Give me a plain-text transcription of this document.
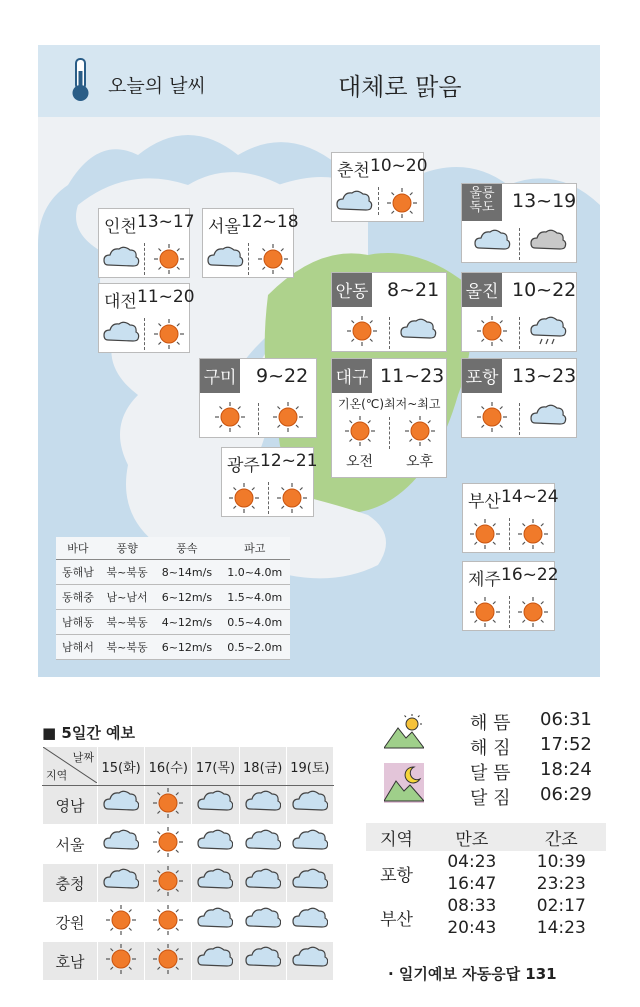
오늘의 날씨	대체로 맑음
춘천 10~20
인천 13~17 서울 12~18
대전 11~20
울릉
독도 13~19
안동 8~21 울진 10~22
구미 9~22 대구 11~23
기온(℃)최저~최고
오전 오후
포항 13~23
광주 12~21
부산 14~24
제주 16~22
바다	풍향	풍속	파고
동해남	북~북동	8~14m/s	1.0~4.0m
동해중	남~남서	6~12m/s	1.5~4.0m
남해동	북~북동	4~12m/s	0.5~4.0m
남해서	북~북동	6~12m/s	0.5~2.0m
■ 5일간 예보
날짜
지역	15(화)	16(수)	17(목)	18(금)	19(토)
영남					
서울					
충청					
강원					
호남					
해 뜸 06:31
해 짐 17:52
달 뜸 18:24
달 짐 06:29
지역	만조	간조
포항	04:23	10:39
	16:47	23:23
부산	08:33	02:17
	20:43	14:23
· 일기예보 자동응답 131
